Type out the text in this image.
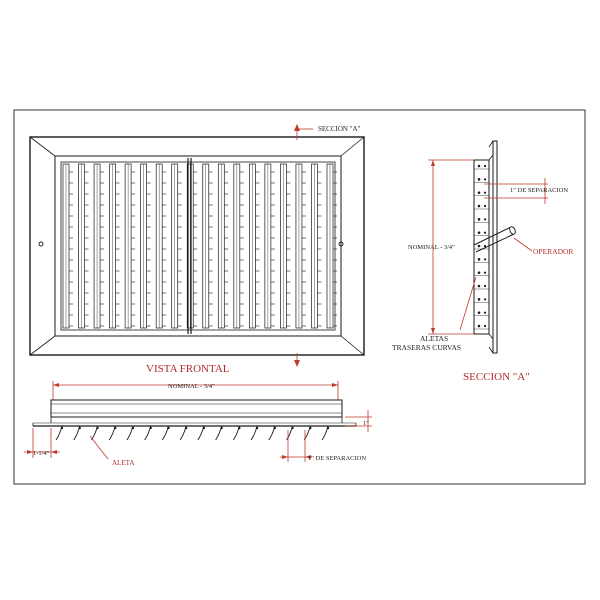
SECCION "A"
VISTA FRONTAL
NOMINAL - 3/4"
1"
1-1/4"
ALETA
1" DE SEPARACION
OPERADOR
NOMINAL - 3/4"
1" DE SEPARACION
ALETAS
TRASERAS CURVAS
SECCION "A"
